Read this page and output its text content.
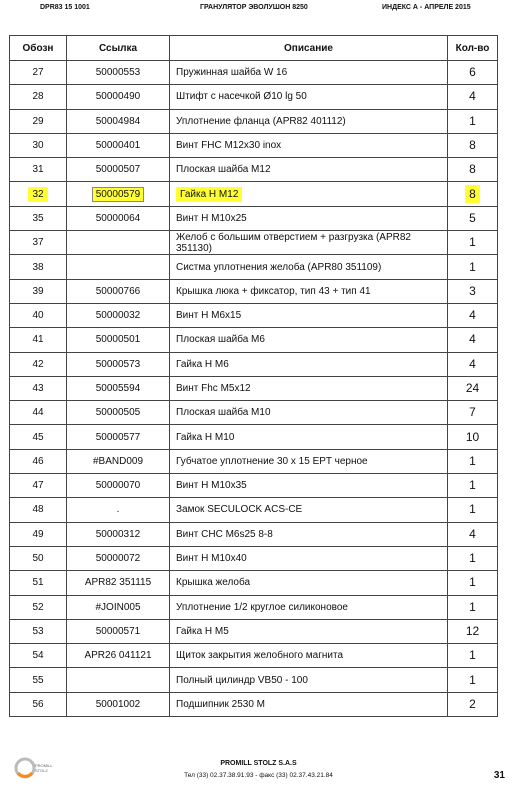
DPR83 15 1001	ГРАНУЛЯТОР ЭВОЛУШОН 8250	ИНДЕКС А - АПРЕЛЕ 2015
Обозн	Ссылка	Описание	Кол-во
27	50000553	Пружинная шайба W 16	6
28	50000490	Штифт с насечкой Ø10 lg 50	4
29	50004984	Уплотнение фланца (APR82 401112)	1
30	50000401	Винт FHC M12x30 inox	8
31	50000507	Плоская шайба M12	8
32	50000579	Гайка H M12	8
35	50000064	Винт H M10x25	5
37		Желоб с большим отверстием + разгрузка (APR82 351130)	1
38		Систма уплотнения желоба (APR80 351109)	1
39	50000766	Крышка люка + фиксатор, тип 43 + тип 41	3
40	50000032	Винт H M6x15	4
41	50000501	Плоская шайба M6	4
42	50000573	Гайка H M6	4
43	50005594	Винт Fhc M5x12	24
44	50000505	Плоская шайба M10	7
45	50000577	Гайка H M10	10
46	#BAND009	Губчатое уплотнение 30 x 15 EPT черное	1
47	50000070	Винт H M10x35	1
48	.	Замок SECULOCK ACS-CE	1
49	50000312	Винт CHC M6s25 8-8	4
50	50000072	Винт H M10x40	1
51	APR82 351115	Крышка желоба	1
52	#JOIN005	Уплотнение 1/2 круглое силиконовое	1
53	50000571	Гайка H M5	12
54	APR26 041121	Щиток закрытия желобного магнита	1
55		Полный цилиндр VB50 - 100	1
56	50001002	Подшипник 2530 M	2
PROMILL
STOLZ
PROMILL STOLZ S.A.S
Тел (33) 02.37.38.91.93 - факс (33) 02.37.43.21.84	31
